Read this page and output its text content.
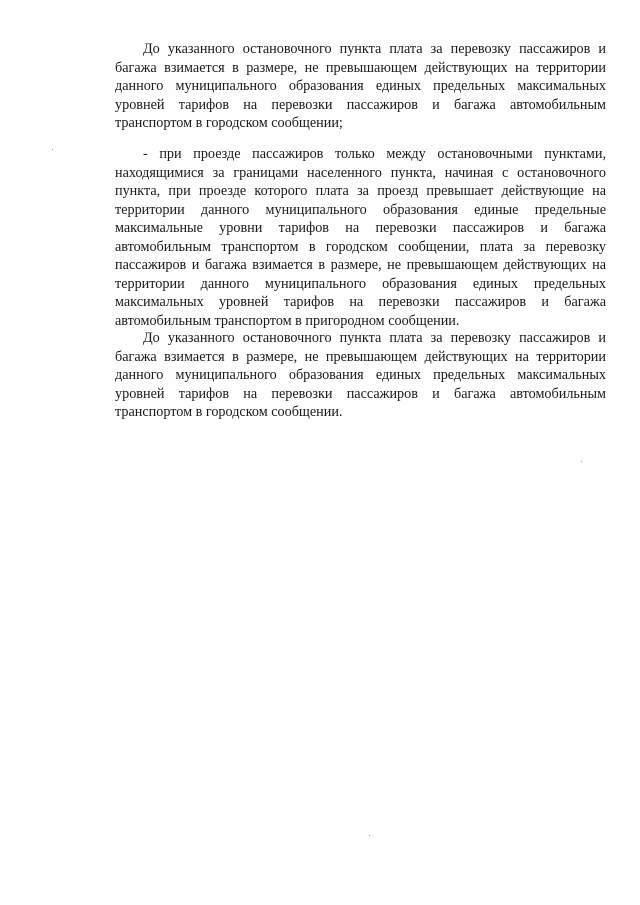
До указанного остановочного пункта плата за перевозку пассажиров и багажа взимается в размере, не превышающем действующих на территории данного муниципального образования единых предельных максимальных уровней тарифов на перевозки пассажиров и багажа автомобильным транспортом в городском сообщении;

- при проезде пассажиров только между остановочными пунктами, находящимися за границами населенного пункта, начиная с остановочного пункта, при проезде которого плата за проезд превышает действующие на территории данного муниципального образования единые предельные максимальные уровни тарифов на перевозки пассажиров и багажа автомобильным транспортом в городском сообщении, плата за перевозку пассажиров и багажа взимается в размере, не превышающем действующих на территории данного муниципального образования единых предельных максимальных уровней тарифов на перевозки пассажиров и багажа автомобильным транспортом в пригородном сообщении.

До указанного остановочного пункта плата за перевозку пассажиров и багажа взимается в размере, не превышающем действующих на территории данного муниципального образования единых предельных максимальных уровней тарифов на перевозки пассажиров и багажа автомобильным транспортом в городском сообщении.
